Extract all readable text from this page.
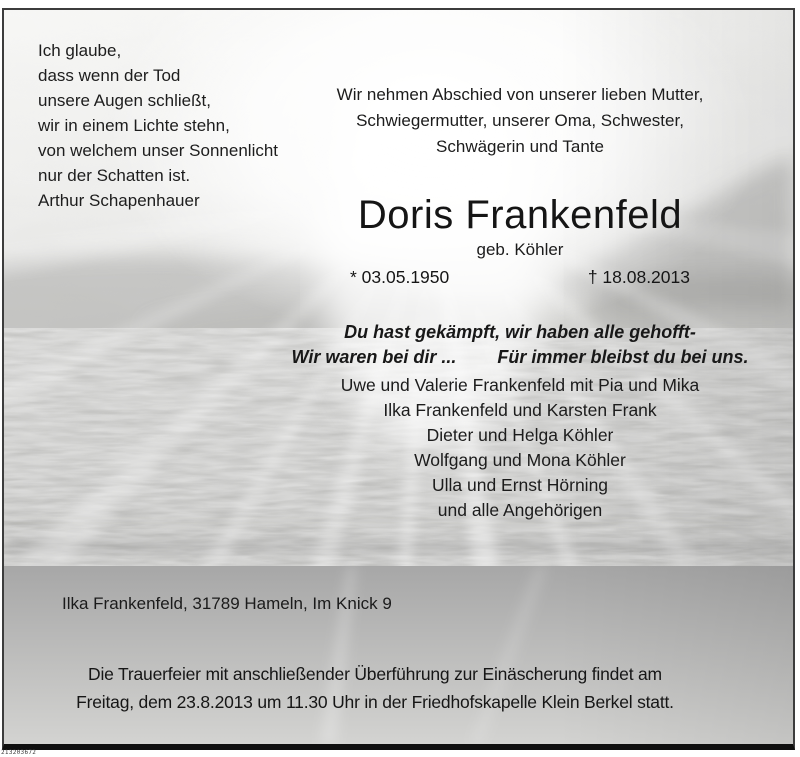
Ich glaube,
dass wenn der Tod
unsere Augen schließt,
wir in einem Lichte stehn,
von welchem unser Sonnenlicht
nur der Schatten ist.
Arthur Schapenhauer
Wir nehmen Abschied von unserer lieben Mutter,
Schwiegermutter, unserer Oma, Schwester,
Schwägerin und Tante
Doris Frankenfeld
geb. Köhler
* 03.05.1950	† 18.08.2013
Du hast gekämpft, wir haben alle gehofft-
Wir waren bei dir ... Für immer bleibst du bei uns.
Uwe und Valerie Frankenfeld mit Pia und Mika
Ilka Frankenfeld und Karsten Frank
Dieter und Helga Köhler
Wolfgang und Mona Köhler
Ulla und Ernst Hörning
und alle Angehörigen
Ilka Frankenfeld, 31789 Hameln, Im Knick 9
Die Trauerfeier mit anschließender Überführung zur Einäscherung findet am
Freitag, dem 23.8.2013 um 11.30 Uhr in der Friedhofskapelle Klein Berkel statt.
213203672
